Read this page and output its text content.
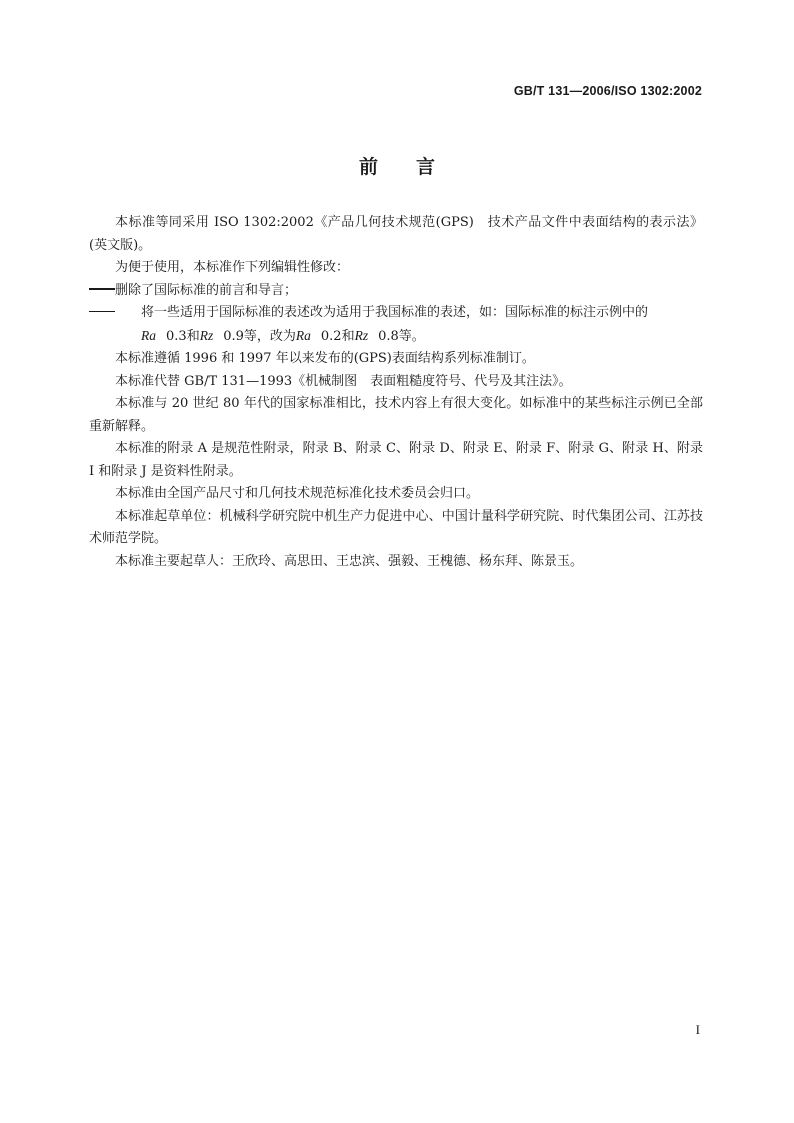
GB/T 131—2006/ISO 1302:2002
前言

本标准等同采用 ISO 1302:2002《产品几何技术规范(GPS)　技术产品文件中表面结构的表示法》(英文版)。

为便于使用，本标准作下列编辑性修改：

删除了国际标准的前言和导言；

将一些适用于国际标准的表述改为适用于我国标准的表述，如：国际标准的标注示例中的

Ra 0.3和Rz 0.9等，改为Ra 0.2和Rz 0.8等。

本标准遵循 1996 和 1997 年以来发布的(GPS)表面结构系列标准制订。

本标准代替 GB/T 131—1993《机械制图　表面粗糙度符号、代号及其注法》。

本标准与 20 世纪 80 年代的国家标准相比，技术内容上有很大变化。如标准中的某些标注示例已全部重新解释。

本标准的附录 A 是规范性附录，附录 B、附录 C、附录 D、附录 E、附录 F、附录 G、附录 H、附录 I 和附录 J 是资料性附录。

本标准由全国产品尺寸和几何技术规范标准化技术委员会归口。

本标准起草单位：机械科学研究院中机生产力促进中心、中国计量科学研究院、时代集团公司、江苏技术师范学院。

本标准主要起草人：王欣玲、高思田、王忠滨、强毅、王槐德、杨东拜、陈景玉。

I
